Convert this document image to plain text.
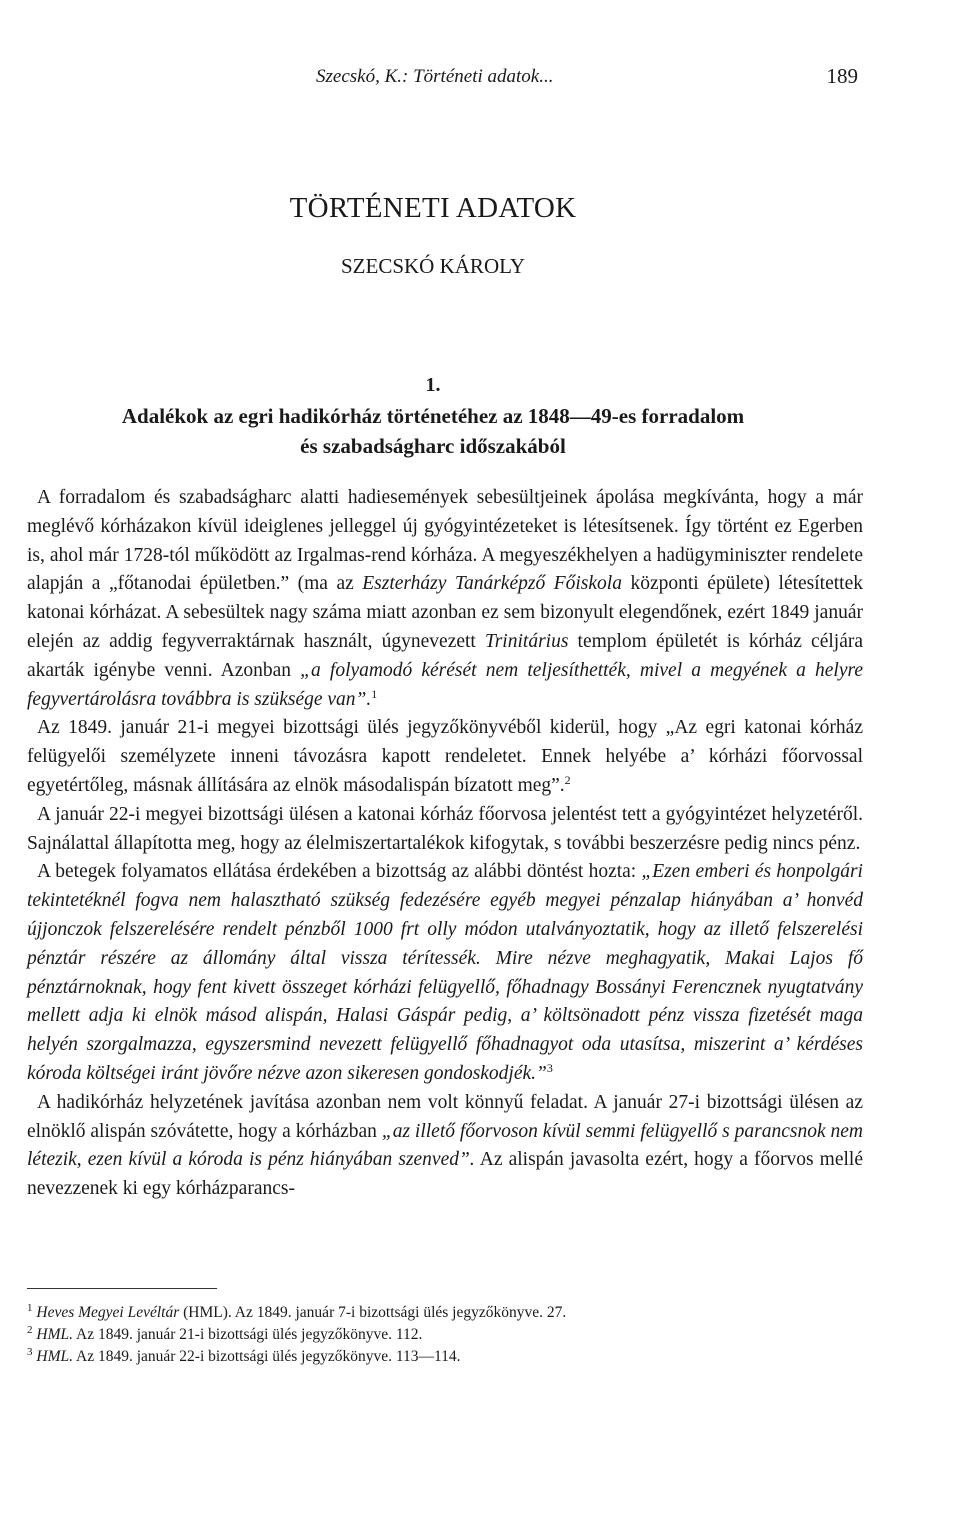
Szecskó, K.: Történeti adatok...	189
TÖRTÉNETI ADATOK
SZECSKÓ KÁROLY
1.
Adalékok az egri hadikórház történetéhez az 1848—49-es forradalom
és szabadságharc időszakából

A forradalom és szabadságharc alatti hadiesemények sebesültjeinek ápolása megkívánta, hogy a már meglévő kórházakon kívül ideiglenes jelleggel új gyógyintézeteket is létesítsenek. Így történt ez Egerben is, ahol már 1728-tól működött az Irgalmas-rend kórháza. A megyeszékhelyen a hadügyminiszter rendelete alapján a „főtanodai épületben.” (ma az Eszterházy Tanárképző Főiskola központi épülete) létesítettek katonai kórházat. A sebesültek nagy száma miatt azonban ez sem bizonyult elegendőnek, ezért 1849 január elején az addig fegyverraktárnak használt, úgynevezett Trinitárius templom épületét is kórház céljára akarták igénybe venni. Azonban „a folyamodó kérését nem teljesíthették, mivel a megyének a helyre fegyvertárolásra továbbra is szüksége van”.$^1$

Az 1849. január 21-i megyei bizottsági ülés jegyzőkönyvéből kiderül, hogy „Az egri katonai kórház felügyelői személyzete inneni távozásra kapott rendeletet. Ennek helyébe a’ kórházi főorvossal egyetértőleg, másnak állítására az elnök másodalispán bízatott meg”.$^2$

A január 22-i megyei bizottsági ülésen a katonai kórház főorvosa jelentést tett a gyógyintézet helyzetéről. Sajnálattal állapította meg, hogy az élelmiszertartalékok kifogytak, s további beszerzésre pedig nincs pénz.

A betegek folyamatos ellátása érdekében a bizottság az alábbi döntést hozta: „Ezen emberi és honpolgári tekintetéknél fogva nem halasztható szükség fedezésére egyéb megyei pénzalap hiányában a’ honvéd újjonczok felszerelésére rendelt pénzből 1000 frt olly módon utalványoztatik, hogy az illető felszerelési pénztár részére az állomány által vissza térítessék. Mire nézve meghagyatik, Makai Lajos fő pénztárnoknak, hogy fent kivett összeget kórházi felügyellő, főhadnagy Bossányi Ferencznek nyugtatvány mellett adja ki elnök másod alispán, Halasi Gáspár pedig, a’ költsönadott pénz vissza fizetését maga helyén szorgalmazza, egyszersmind nevezett felügyellő főhadnagyot oda utasítsa, miszerint a’ kérdéses kóroda költségei iránt jövőre nézve azon sikeresen gondoskodjék.”$^3$

A hadikórház helyzetének javítása azonban nem volt könnyű feladat. A január 27-i bizottsági ülésen az elnöklő alispán szóvátette, hogy a kórházban „az illető főorvoson kívül semmi felügyellő s parancsnok nem létezik, ezen kívül a kóroda is pénz hiányában szenved”. Az alispán javasolta ezért, hogy a főorvos mellé nevezzenek ki egy kórházparancs-

$^1$ Heves Megyei Levéltár (HML). Az 1849. január 7-i bizottsági ülés jegyzőkönyve. 27.
$^2$ HML. Az 1849. január 21-i bizottsági ülés jegyzőkönyve. 112.
$^3$ HML. Az 1849. január 22-i bizottsági ülés jegyzőkönyve. 113—114.
